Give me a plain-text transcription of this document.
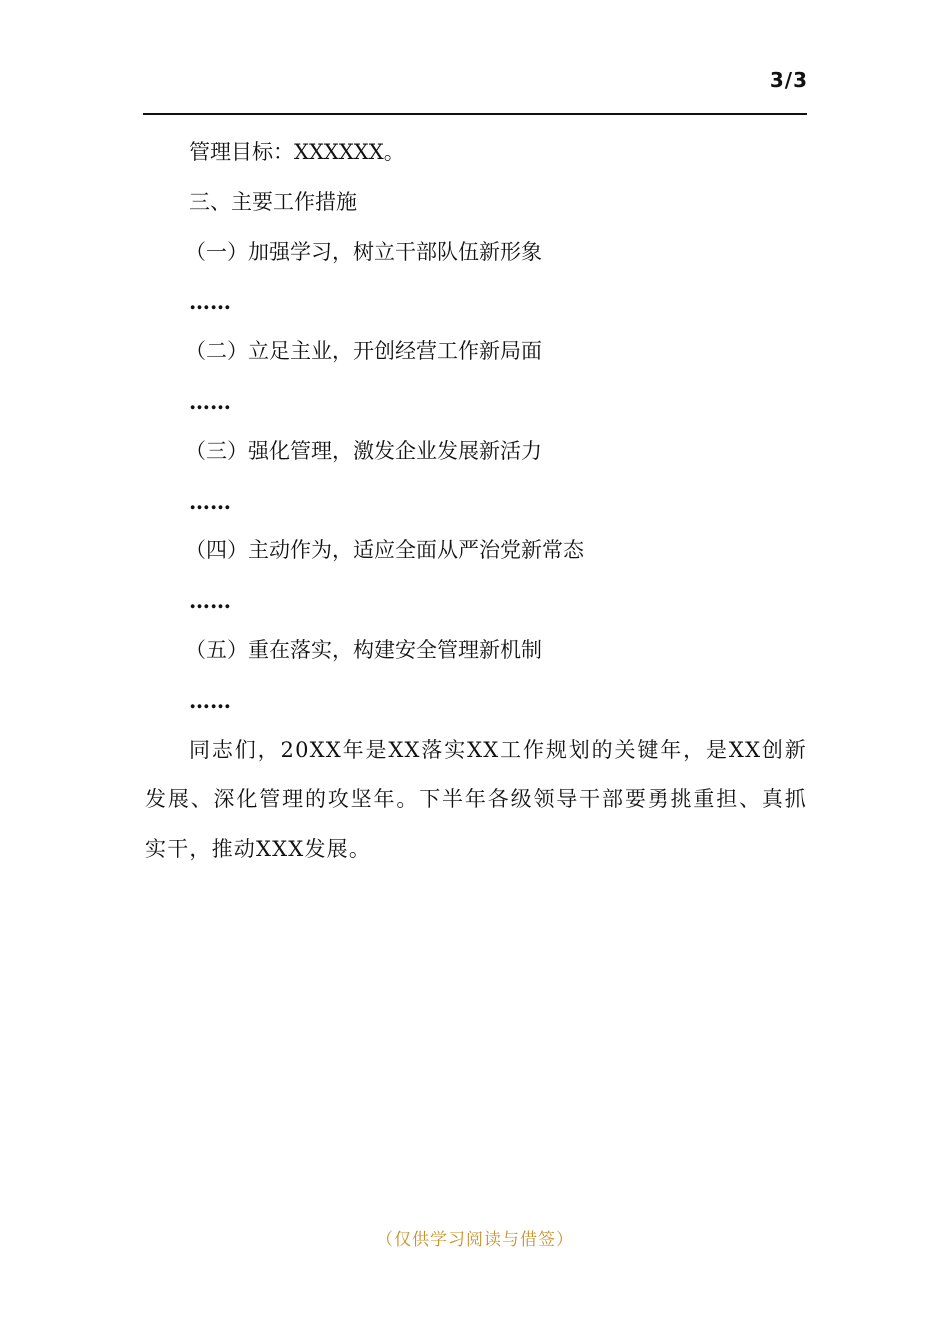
3/3
管理目标：XXXXXX。
三、主要工作措施
（一）加强学习，树立干部队伍新形象
……
（二）立足主业，开创经营工作新局面
……
（三）强化管理，激发企业发展新活力
……
（四）主动作为，适应全面从严治党新常态
……
（五）重在落实，构建安全管理新机制
……
同志们，20XX年是XX落实XX工作规划的关键年，是XX创新发展、深化管理的攻坚年。下半年各级领导干部要勇挑重担、真抓实干，推动XXX发展。
（仅供学习阅读与借签）
